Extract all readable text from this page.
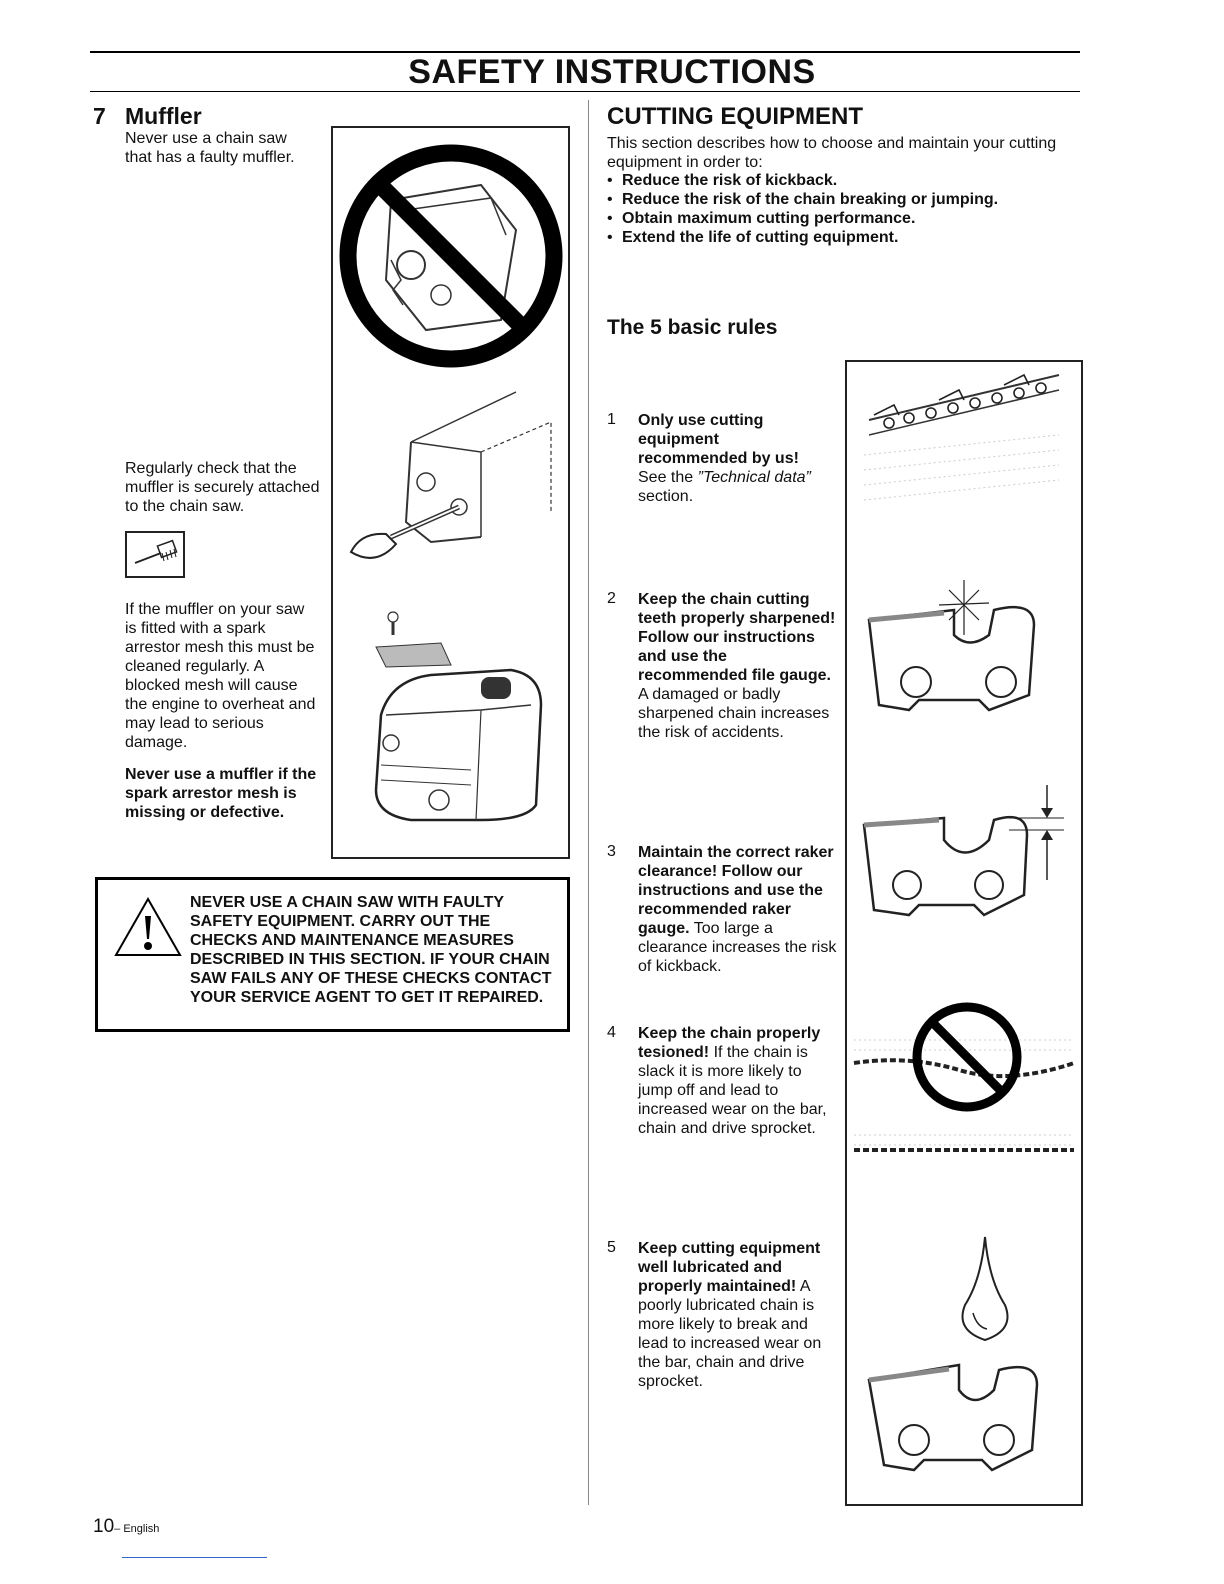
SAFETY INSTRUCTIONS
7 Muffler
Never use a chain saw that has a faulty muffler.
Regularly check that the muffler is securely attached to the chain saw.
If the muffler on your saw is fitted with a spark arrestor mesh this must be cleaned regularly. A blocked mesh will cause the engine to overheat and may lead to serious damage.
Never use a muffler if the spark arrestor mesh is missing or defective.
NEVER USE A CHAIN SAW WITH FAULTY SAFETY EQUIPMENT. CARRY OUT THE CHECKS AND MAINTENANCE MEASURES DESCRIBED IN THIS SECTION. IF YOUR CHAIN SAW FAILS ANY OF THESE CHECKS CONTACT YOUR SERVICE AGENT TO GET IT REPAIRED.
CUTTING EQUIPMENT
This section describes how to choose and maintain your cutting equipment in order to:
• Reduce the risk of kickback.
• Reduce the risk of the chain breaking or jumping.
• Obtain maximum cutting performance.
• Extend the life of cutting equipment.
The 5 basic rules
1 Only use cutting equipment recommended by us! See the ”Technical data” section.
2 Keep the chain cutting teeth properly sharpened! Follow our instructions and use the recommended file gauge. A damaged or badly sharpened chain increases the risk of accidents.
3 Maintain the correct raker clearance! Follow our instructions and use the recommended raker gauge. Too large a clearance increases the risk of kickback.
4 Keep the chain properly tesioned! If the chain is slack it is more likely to jump off and lead to increased wear on the bar, chain and drive sprocket.
5 Keep cutting equipment well lubricated and properly maintained! A poorly lubricated chain is more likely to break and lead to increased wear on the bar, chain and drive sprocket.
10– English
